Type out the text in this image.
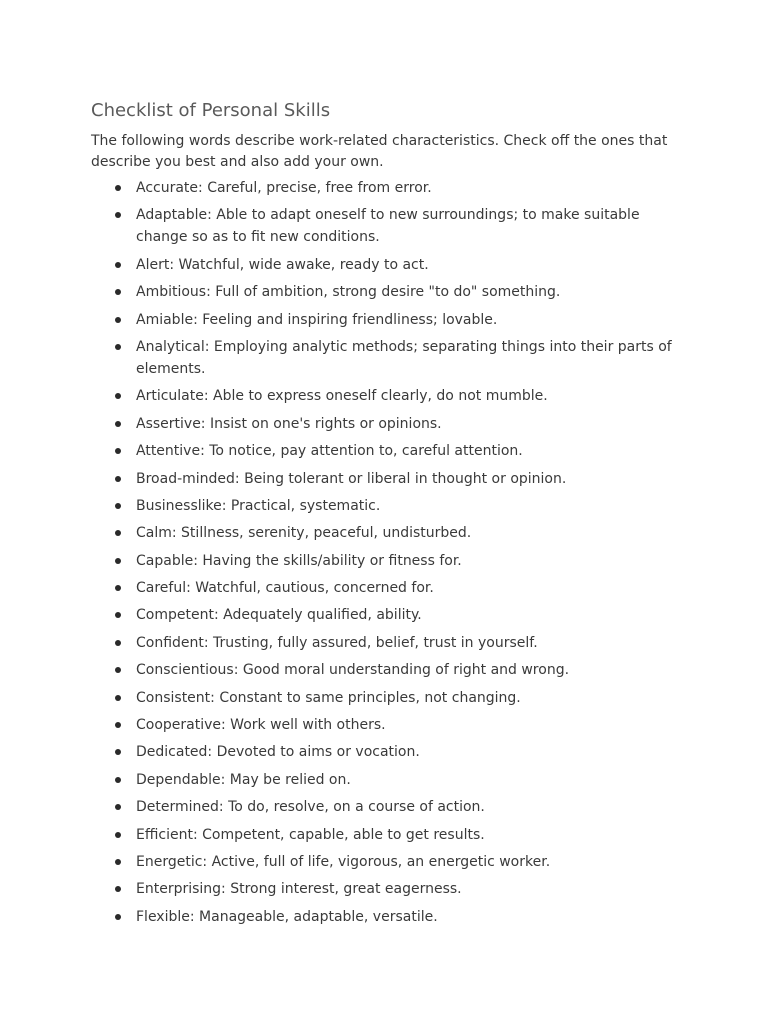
Checklist of Personal Skills

The following words describe work-related characteristics. Check off the ones that describe you best and also add your own.

Accurate: Careful, precise, free from error.
Adaptable: Able to adapt oneself to new surroundings; to make suitable change so as to fit new conditions.
Alert: Watchful, wide awake, ready to act.
Ambitious: Full of ambition, strong desire "to do" something.
Amiable: Feeling and inspiring friendliness; lovable.
Analytical: Employing analytic methods; separating things into their parts of elements.
Articulate: Able to express oneself clearly, do not mumble.
Assertive: Insist on one's rights or opinions.
Attentive: To notice, pay attention to, careful attention.
Broad-minded: Being tolerant or liberal in thought or opinion.
Businesslike: Practical, systematic.
Calm: Stillness, serenity, peaceful, undisturbed.
Capable: Having the skills/ability or fitness for.
Careful: Watchful, cautious, concerned for.
Competent: Adequately qualified, ability.
Confident: Trusting, fully assured, belief, trust in yourself.
Conscientious: Good moral understanding of right and wrong.
Consistent: Constant to same principles, not changing.
Cooperative: Work well with others.
Dedicated: Devoted to aims or vocation.
Dependable: May be relied on.
Determined: To do, resolve, on a course of action.
Efficient: Competent, capable, able to get results.
Energetic: Active, full of life, vigorous, an energetic worker.
Enterprising: Strong interest, great eagerness.
Flexible: Manageable, adaptable, versatile.
